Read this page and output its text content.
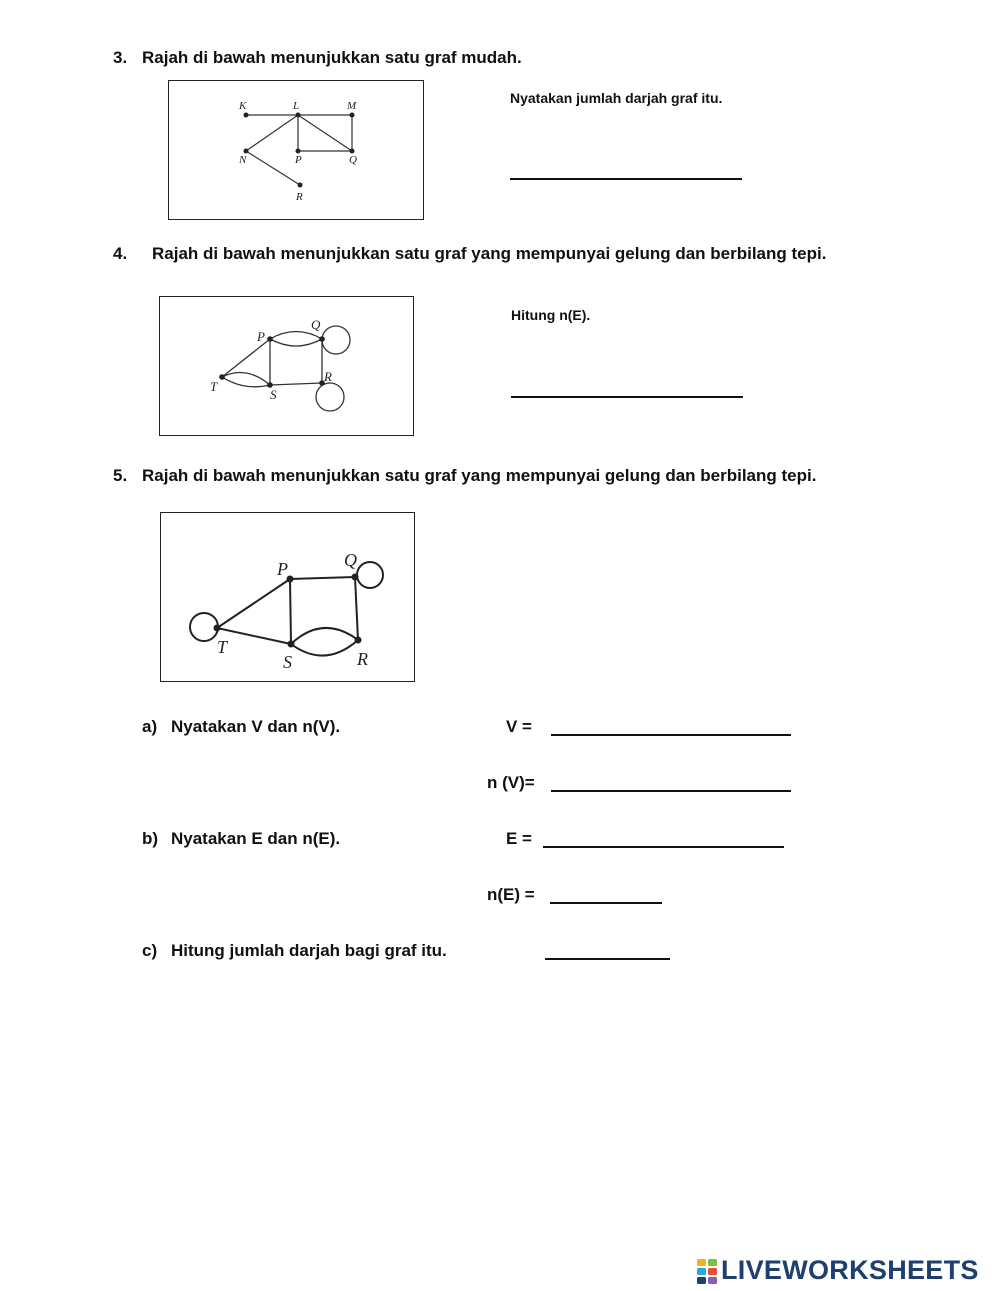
3. Rajah di bawah menunjukkan satu graf mudah.
K	L	M
N	P	Q
R
Nyatakan jumlah darjah graf itu.
4. Rajah di bawah menunjukkan satu graf yang mempunyai gelung dan berbilang tepi.
P
Q
R
S
T
Hitung n(E).
5. Rajah di bawah menunjukkan satu graf yang mempunyai gelung dan berbilang tepi.
P	Q
R
S
T
a) Nyatakan V dan n(V).	V =
n (V)=
b) Nyatakan E dan n(E).	E =
n(E) =
c) Hitung jumlah darjah bagi graf itu.
LIVEWORKSHEETS
